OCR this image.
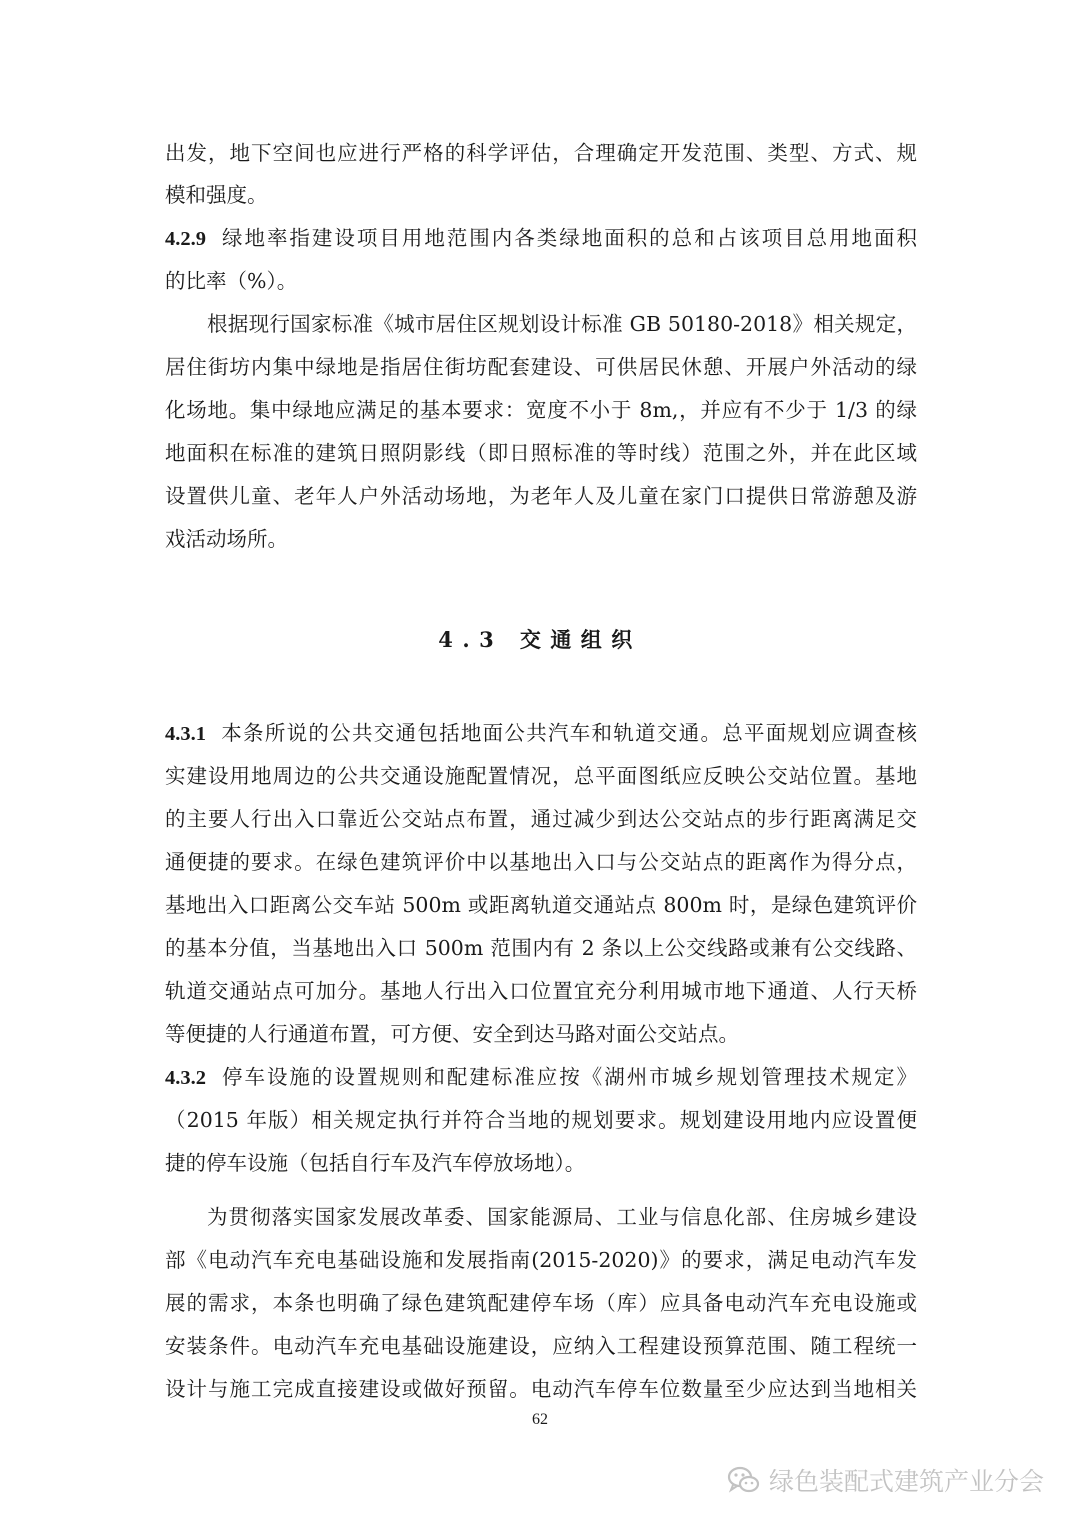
出发，地下空间也应进行严格的科学评估，合理确定开发范围、类型、方式、规
模和强度。
4.2.9 绿地率指建设项目用地范围内各类绿地面积的总和占该项目总用地面积
的比率（%）。
根据现行国家标准《城市居住区规划设计标准 GB 50180-2018》相关规定，
居住街坊内集中绿地是指居住街坊配套建设、可供居民休憩、开展户外活动的绿
化场地。集中绿地应满足的基本要求：宽度不小于 8m,，并应有不少于 1/3 的绿
地面积在标准的建筑日照阴影线（即日照标准的等时线）范围之外，并在此区域
设置供儿童、老年人户外活动场地，为老年人及儿童在家门口提供日常游憩及游
戏活动场所。
4.3 交通组织
4.3.1 本条所说的公共交通包括地面公共汽车和轨道交通。总平面规划应调查核
实建设用地周边的公共交通设施配置情况，总平面图纸应反映公交站位置。基地
的主要人行出入口靠近公交站点布置，通过减少到达公交站点的步行距离满足交
通便捷的要求。在绿色建筑评价中以基地出入口与公交站点的距离作为得分点，
基地出入口距离公交车站 500m 或距离轨道交通站点 800m 时，是绿色建筑评价
的基本分值，当基地出入口 500m 范围内有 2 条以上公交线路或兼有公交线路、
轨道交通站点可加分。基地人行出入口位置宜充分利用城市地下通道、人行天桥
等便捷的人行通道布置，可方便、安全到达马路对面公交站点。
4.3.2 停车设施的设置规则和配建标准应按《湖州市城乡规划管理技术规定》
（2015 年版）相关规定执行并符合当地的规划要求。规划建设用地内应设置便
捷的停车设施（包括自行车及汽车停放场地）。
为贯彻落实国家发展改革委、国家能源局、工业与信息化部、住房城乡建设
部《电动汽车充电基础设施和发展指南(2015-2020)》的要求，满足电动汽车发
展的需求，本条也明确了绿色建筑配建停车场（库）应具备电动汽车充电设施或
安装条件。电动汽车充电基础设施建设，应纳入工程建设预算范围、随工程统一
设计与施工完成直接建设或做好预留。电动汽车停车位数量至少应达到当地相关
62
绿色装配式建筑产业分会
